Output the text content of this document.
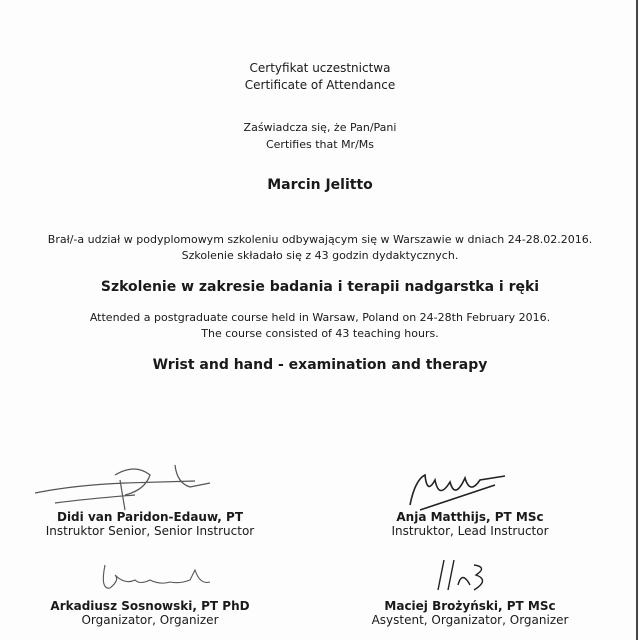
Certyfikat uczestnictwa
Certificate of Attendance
Zaświadcza się, że Pan/Pani
Certifies that Mr/Ms
Marcin Jelitto
Brał/-a udział w podyplomowym szkoleniu odbywającym się w Warszawie w dniach 24-28.02.2016.
Szkolenie składało się z 43 godzin dydaktycznych.
Szkolenie w zakresie badania i terapii nadgarstka i ręki
Attended a postgraduate course held in Warsaw, Poland on 24-28th February 2016.
The course consisted of 43 teaching hours.
Wrist and hand - examination and therapy
Didi van Paridon-Edauw, PT
Instruktor Senior, Senior Instructor
Anja Matthijs, PT MSc
Instruktor, Lead Instructor
Arkadiusz Sosnowski, PT PhD
Organizator, Organizer
Maciej Brożyński, PT MSc
Asystent, Organizator, Organizer
